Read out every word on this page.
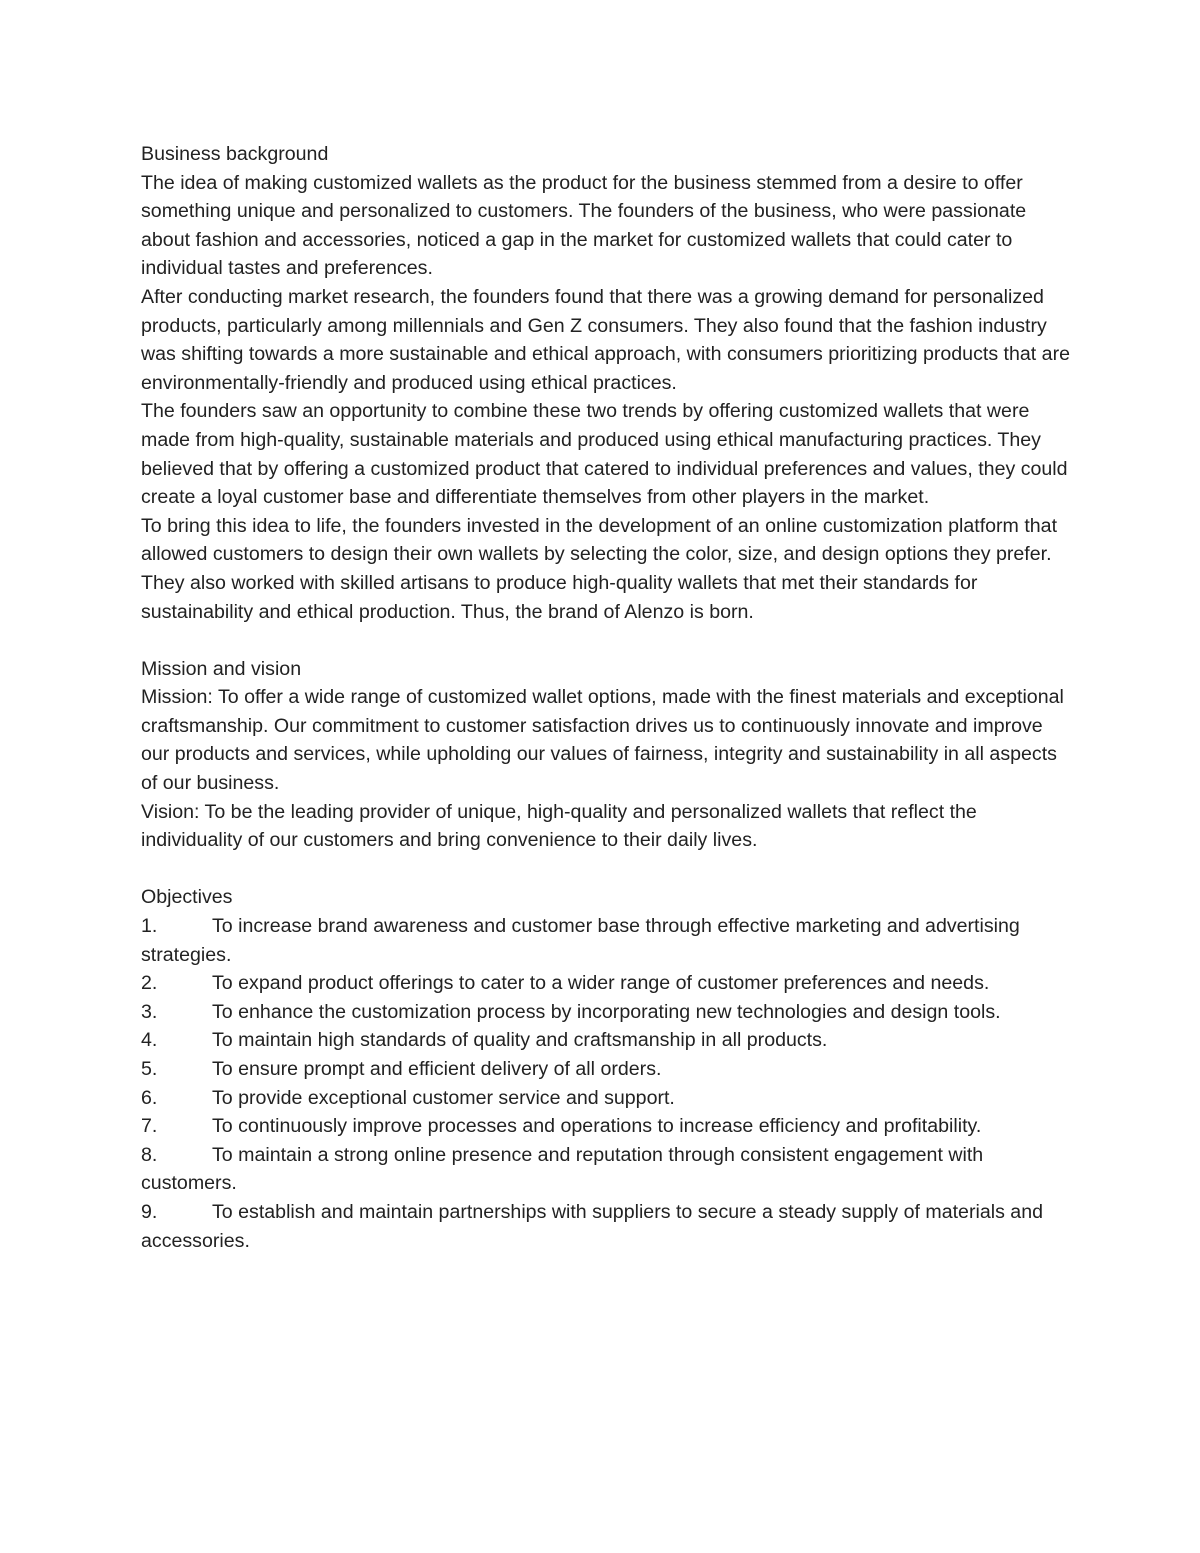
Business background

The idea of making customized wallets as the product for the business stemmed from a desire to offer something unique and personalized to customers. The founders of the business, who were passionate about fashion and accessories, noticed a gap in the market for customized wallets that could cater to individual tastes and preferences.

After conducting market research, the founders found that there was a growing demand for personalized products, particularly among millennials and Gen Z consumers. They also found that the fashion industry was shifting towards a more sustainable and ethical approach, with consumers prioritizing products that are environmentally-friendly and produced using ethical practices.

The founders saw an opportunity to combine these two trends by offering customized wallets that were made from high-quality, sustainable materials and produced using ethical manufacturing practices. They believed that by offering a customized product that catered to individual preferences and values, they could create a loyal customer base and differentiate themselves from other players in the market.

To bring this idea to life, the founders invested in the development of an online customization platform that allowed customers to design their own wallets by selecting the color, size, and design options they prefer. They also worked with skilled artisans to produce high-quality wallets that met their standards for sustainability and ethical production. Thus, the brand of Alenzo is born.

Mission and vision

Mission: To offer a wide range of customized wallet options, made with the finest materials and exceptional craftsmanship. Our commitment to customer satisfaction drives us to continuously innovate and improve our products and services, while upholding our values of fairness, integrity and sustainability in all aspects of our business.

Vision: To be the leading provider of unique, high-quality and personalized wallets that reflect the individuality of our customers and bring convenience to their daily lives.

Objectives

1.	To increase brand awareness and customer base through effective marketing and advertising strategies.

2.	To expand product offerings to cater to a wider range of customer preferences and needs.

3.	To enhance the customization process by incorporating new technologies and design tools.

4.	To maintain high standards of quality and craftsmanship in all products.

5.	To ensure prompt and efficient delivery of all orders.

6.	To provide exceptional customer service and support.

7.	To continuously improve processes and operations to increase efficiency and profitability.

8.	To maintain a strong online presence and reputation through consistent engagement with customers.

9.	To establish and maintain partnerships with suppliers to secure a steady supply of materials and accessories.
